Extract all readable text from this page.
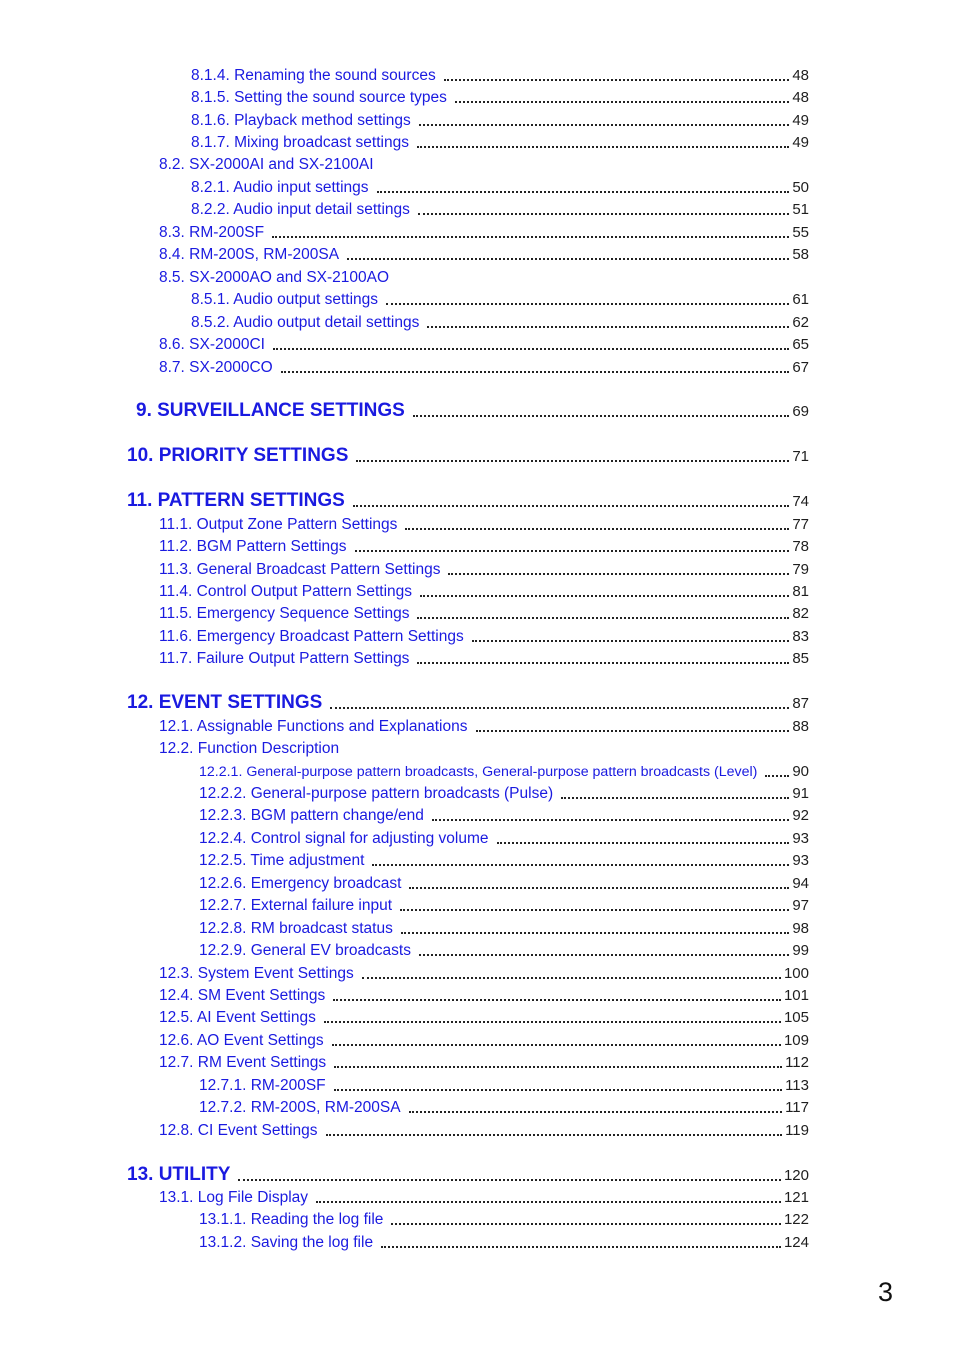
8.1.4. Renaming the sound sources	48
8.1.5. Setting the sound source types	48
8.1.6. Playback method settings	49
8.1.7. Mixing broadcast settings	49
8.2. SX-2000AI and SX-2100AI
8.2.1. Audio input settings	50
8.2.2. Audio input detail settings	51
8.3. RM-200SF	55
8.4. RM-200S, RM-200SA	58
8.5. SX-2000AO and SX-2100AO
8.5.1. Audio output settings	61
8.5.2. Audio output detail settings	62
8.6. SX-2000CI	65
8.7. SX-2000CO	67
9. SURVEILLANCE SETTINGS	69
10. PRIORITY SETTINGS	71
11. PATTERN SETTINGS	74
11.1. Output Zone Pattern Settings	77
11.2. BGM Pattern Settings	78
11.3. General Broadcast Pattern Settings	79
11.4. Control Output Pattern Settings	81
11.5. Emergency Sequence Settings	82
11.6. Emergency Broadcast Pattern Settings	83
11.7. Failure Output Pattern Settings	85
12. EVENT SETTINGS	87
12.1. Assignable Functions and Explanations	88
12.2. Function Description
12.2.1. General-purpose pattern broadcasts, General-purpose pattern broadcasts (Level) 90
12.2.2. General-purpose pattern broadcasts (Pulse)	91
12.2.3. BGM pattern change/end	92
12.2.4. Control signal for adjusting volume	93
12.2.5. Time adjustment	93
12.2.6. Emergency broadcast	94
12.2.7. External failure input	97
12.2.8. RM broadcast status	98
12.2.9. General EV broadcasts	99
12.3. System Event Settings	100
12.4. SM Event Settings	101
12.5. AI Event Settings	105
12.6. AO Event Settings	109
12.7. RM Event Settings	112
12.7.1. RM-200SF	113
12.7.2. RM-200S, RM-200SA	117
12.8. CI Event Settings	119
13. UTILITY	120
13.1. Log File Display	121
13.1.1. Reading the log file	122
13.1.2. Saving the log file	124
3
